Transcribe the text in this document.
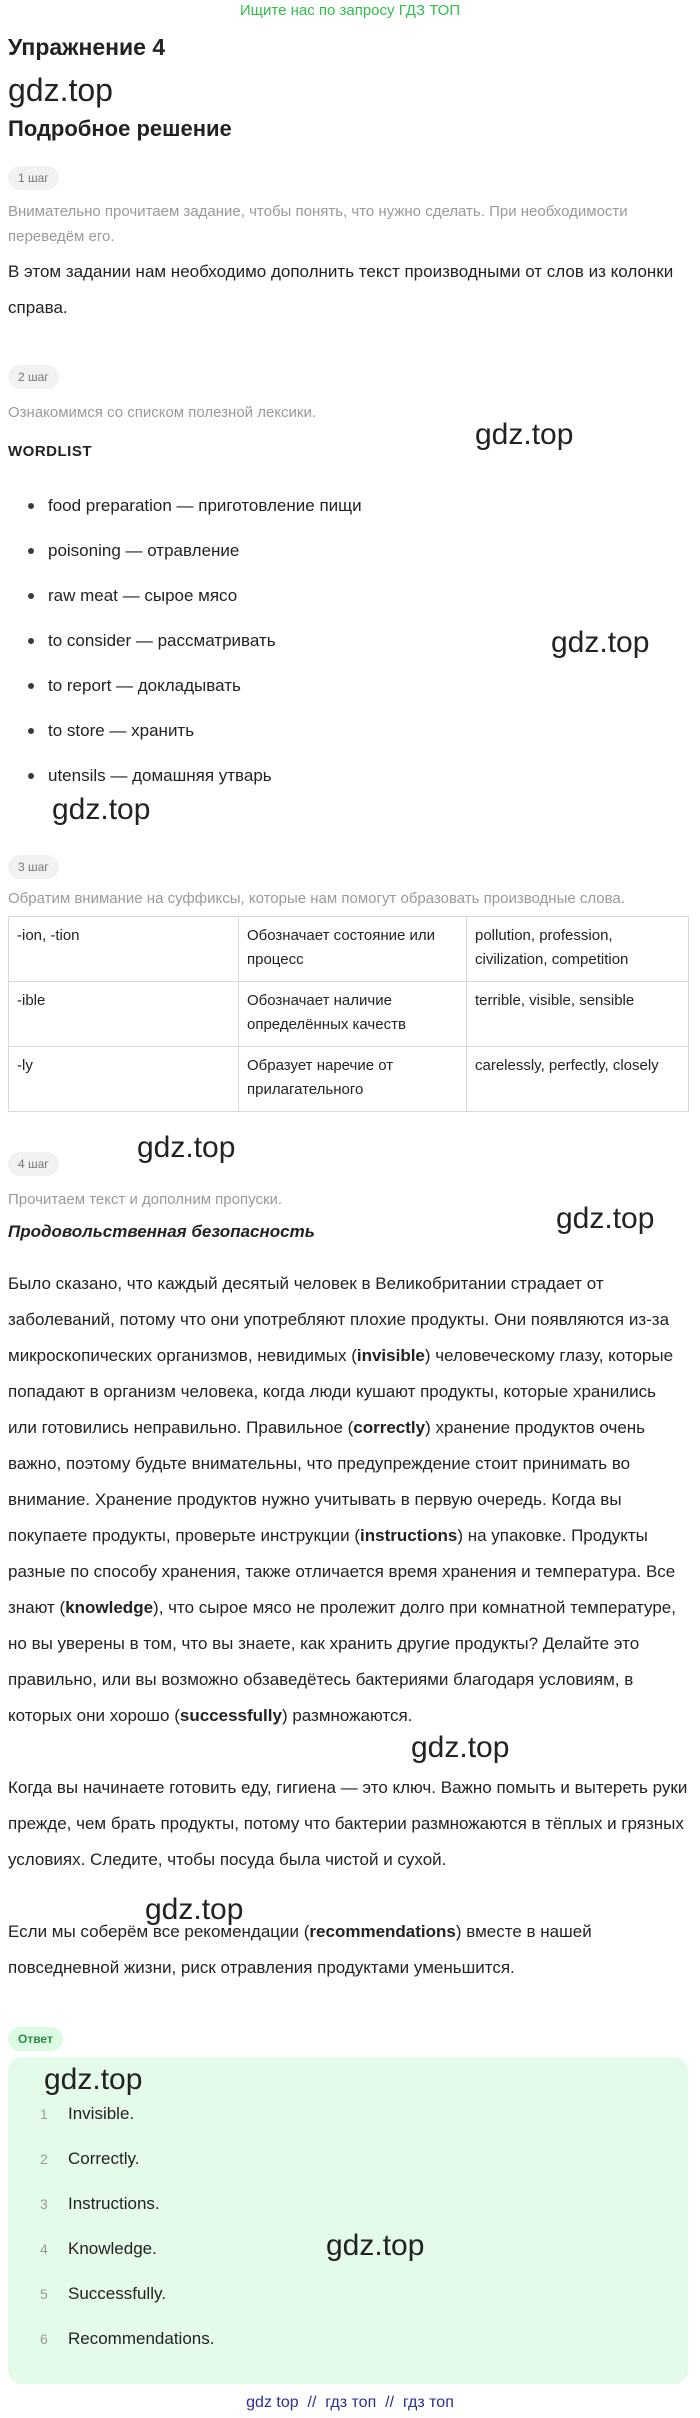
Ищите нас по запросу ГДЗ ТОП
Упражнение 4
gdz.top
Подробное решение
1 шаг
Внимательно прочитаем задание, чтобы понять, что нужно сделать. При необходимости переведём его.
В этом задании нам необходимо дополнить текст производными от слов из колонки справа.
2 шаг
Ознакомимся со списком полезной лексики.
WORDLIST
food preparation — приготовление пищи
poisoning — отравление
raw meat — сырое мясо
to consider — рассматривать
to report — докладывать
to store — хранить
utensils — домашняя утварь
3 шаг
Обратим внимание на суффиксы, которые нам помогут образовать производные слова.
-ion, -tion	Обозначает состояние или процесс	pollution, profession, civilization, competition
-ible	Обозначает наличие определённых качеств	terrible, visible, sensible
-ly	Образует наречие от прилагательного	carelessly, perfectly, closely
4 шаг
Прочитаем текст и дополним пропуски.
Продовольственная безопасность
Было сказано, что каждый десятый человек в Великобритании страдает от заболеваний, потому что они употребляют плохие продукты. Они появляются из-за микроскопических организмов, невидимых (invisible) человеческому глазу, которые попадают в организм человека, когда люди кушают продукты, которые хранились или готовились неправильно. Правильное (correctly) хранение продуктов очень важно, поэтому будьте внимательны, что предупреждение стоит принимать во внимание. Хранение продуктов нужно учитывать в первую очередь. Когда вы покупаете продукты, проверьте инструкции (instructions) на упаковке. Продукты разные по способу хранения, также отличается время хранения и температура. Все знают (knowledge), что сырое мясо не пролежит долго при комнатной температуре, но вы уверены в том, что вы знаете, как хранить другие продукты? Делайте это правильно, или вы возможно обзаведётесь бактериями благодаря условиям, в которых они хорошо (successfully) размножаются.
Когда вы начинаете готовить еду, гигиена — это ключ. Важно помыть и вытереть руки прежде, чем брать продукты, потому что бактерии размножаются в тёплых и грязных условиях. Следите, чтобы посуда была чистой и сухой.
Если мы соберём все рекомендации (recommendations) вместе в нашей повседневной жизни, риск отравления продуктами уменьшится.
Ответ
1 Invisible.
2 Correctly.
3 Instructions.
4 Knowledge.
5 Successfully.
6 Recommendations.
gdz.top
gdz.top
gdz.top
gdz.top
gdz.top
gdz.top
gdz.top
gdz.top
gdz.top
gdz top  //  гдз топ  //  гдз топ
